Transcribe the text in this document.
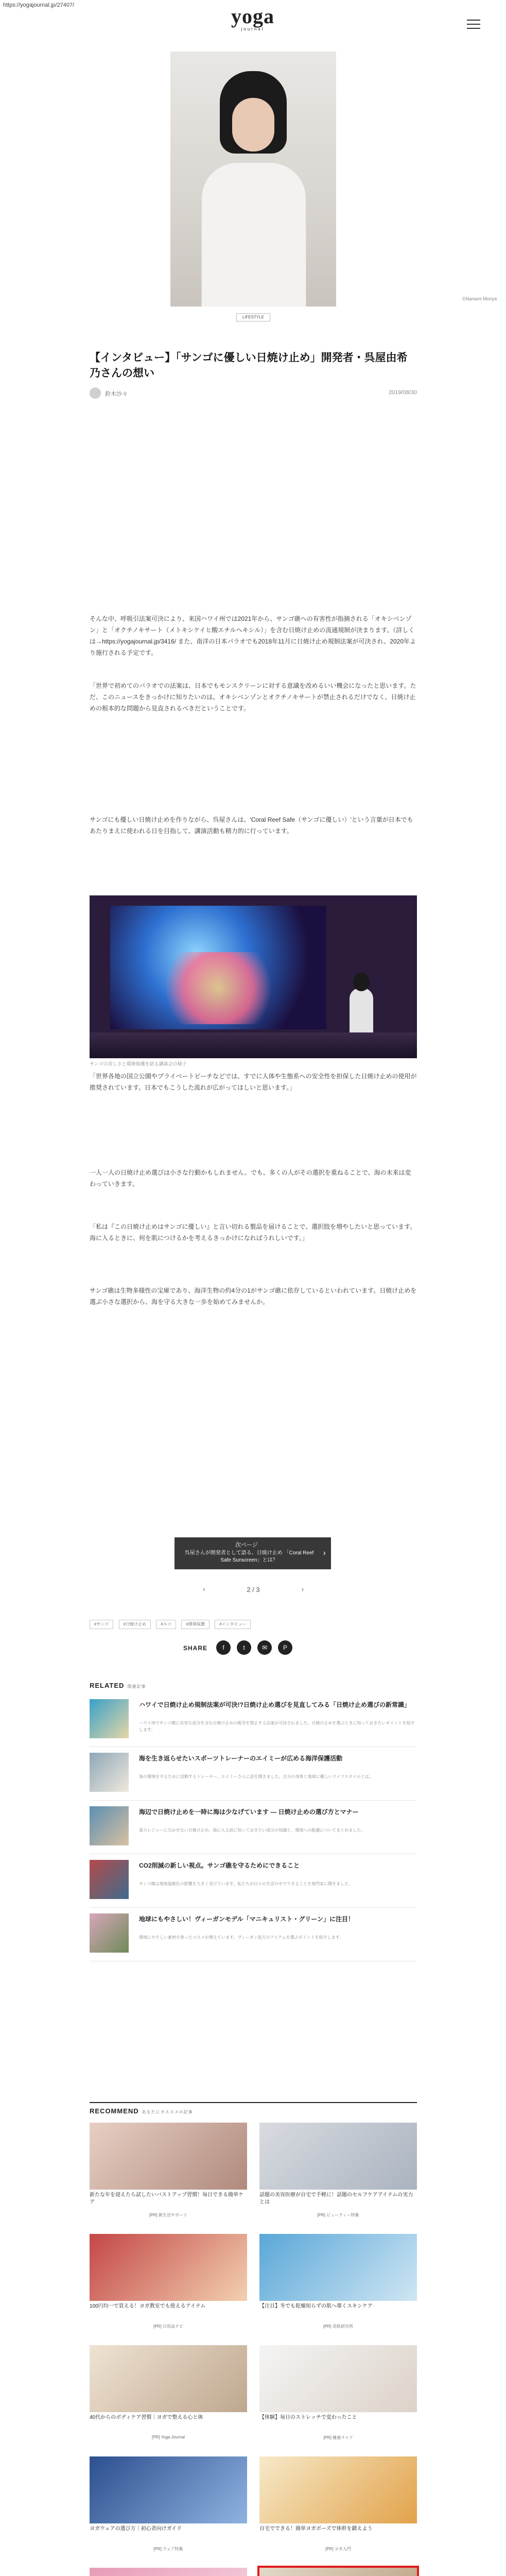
https://yogajournal.jp/27407/	yoga
journal
©Nanami Moriya
LIFESTYLE
【インタビュー】「サンゴに優しい日焼け止め」開発者・呉屋由希乃さんの想い
鈴木沙々	2019/08/30

そんな中、呼吸引法案可決により、来国ハワイ州では2021年から、サンゴ礁への有害性が指摘される「オキシベンゾン」と「オクチノキサート（メトキシケイヒ酸エチルヘキシル）」を含む日焼け止めの流通規制が決まります。（詳しくは→https://yogajournal.jp/3416/ また、南洋の日本パラオでも2018年11月に日焼け止め規制法案が可決され、2020年より施行される予定です。

「世界で初めてのパラオでの法案は、日本でもモンスクリーンに対する意識を改めるいい機会になったと思います。ただ、このニュースをきっかけに知りたいのは、オキシベンゾンとオクチノキサートが禁止されるだけでなく、日焼け止めの根本的な問題から見直されるべきだということです。

サンゴにも優しい日焼け止めを作りながら、呉屋さんは、'Coral Reef Safe（サンゴに優しい）'という言葉が日本でもあたりまえに使われる日を目指して、講演活動も精力的に行っています。

サンゴの美しさと環境保護を語る講演会の様子

「世界各地の国立公園やプライベートビーチなどでは、すでに人体や生態系への安全性を担保した日焼け止めの使用が推奨されています。日本でもこうした流れが広がってほしいと思います。」

一人一人の日焼け止め選びは小さな行動かもしれません。でも、多くの人がその選択を重ねることで、海の未来は変わっていきます。

「私は『この日焼け止めはサンゴに優しい』と言い切れる製品を届けることで、選択肢を増やしたいと思っています。海に入るときに、何を肌につけるかを考えるきっかけになればうれしいです。」

サンゴ礁は生物多様性の宝庫であり、海洋生物の約4分の1がサンゴ礁に依存しているといわれています。日焼け止めを選ぶ小さな選択から、海を守る大きな一歩を始めてみませんか。

次ページ
呉屋さんが開発者として語る、日焼け止め 「Coral Reef Safe Sunscreen」とは？
›
‹	2 / 3	›
#サンゴ	#日焼け止め	#エコ	#環境保護	#インタビュー
SHARE	f	t	✉	P
RELATED 関連記事
ハワイで日焼け止め規制法案が可決!?日焼け止め選びを見直してみる「日焼け止め選びの新常識」
ハワイ州でサンゴ礁に有害な成分を含む日焼け止めの販売を禁止する法案が可決されました。日焼け止めを選ぶときに知っておきたいポイントを紹介します。
海を生き返らせたいスポーツトレーナーのエイミーが広める海洋保護活動
海の環境を守るために活動するトレーナー、エイミーさんに話を聞きました。自分の身体と地球に優しいライフスタイルとは。
海辺で日焼け止めを一時に海は少なげています — 日焼け止めの選び方とマナー
夏のレジャーに欠かせない日焼け止め。海に入る前に知っておきたい成分の知識と、環境への配慮についてまとめました。
CO2削減の新しい視点。サンゴ礁を守るためにできること
サンゴ礁は地球温暖化の影響を大きく受けています。私たちが日々の生活の中でできることを専門家に聞きました。
地球にもやさしい！ヴィーガンモデル「マニキュリスト・グリーン」に注目！
環境にやさしい素材を使ったコスメが増えています。ヴィーガン処方のアイテムを選ぶポイントを紹介します。
RECOMMEND あなたにオススメの記事
新たな年を迎えたら試したいバストアップ習慣！毎日できる簡単ケア
[PR] 新生活サポート
話題の美容医療が自宅で手軽に！話題のセルフケアアイテムの実力とは
[PR] ビューティー特集
100円均一で買える！ヨガ教室でも使えるアイテム
[PR] 日用品ナビ
【注目】冬でも乾燥知らずの肌へ導くスキンケア
[PR] 美肌研究所
40代からのボディケア習慣｜ヨガで整える心と体
[PR] Yoga Journal
【体験】毎日のストレッチで変わったこと
[PR] 健康ライフ
ヨガウェアの選び方｜初心者向けガイド
[PR] ウェア特集
自宅でできる！簡単ヨガポーズで体幹を鍛えよう
[PR] ヨガ入門
